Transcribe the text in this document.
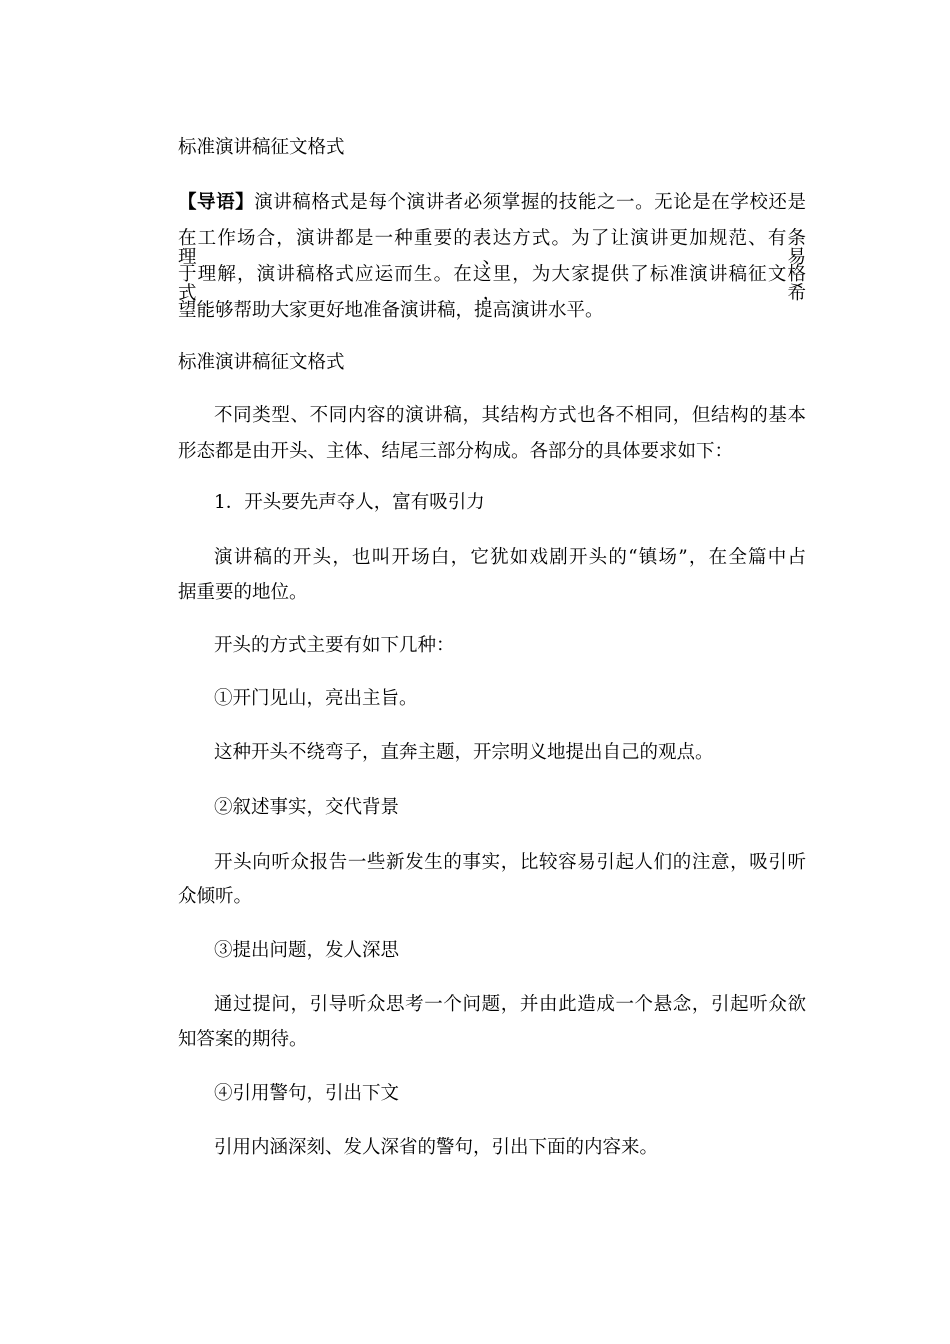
标准演讲稿征文格式
【导语】演讲稿格式是每个演讲者必须掌握的技能之一。无论是在学校还是
在工作场合，演讲都是一种重要的表达方式。为了让演讲更加规范、有条理、易
于理解，演讲稿格式应运而生。在这里，为大家提供了标准演讲稿征文格式，希
望能够帮助大家更好地准备演讲稿，提高演讲水平。
标准演讲稿征文格式
不同类型、不同内容的演讲稿，其结构方式也各不相同，但结构的基本
形态都是由开头、主体、结尾三部分构成。各部分的具体要求如下：
1．开头要先声夺人，富有吸引力
演讲稿的开头，也叫开场白，它犹如戏剧开头的“镇场”，在全篇中占
据重要的地位。
开头的方式主要有如下几种：
①开门见山，亮出主旨。
这种开头不绕弯子，直奔主题，开宗明义地提出自己的观点。
②叙述事实，交代背景
开头向听众报告一些新发生的事实，比较容易引起人们的注意，吸引听
众倾听。
③提出问题，发人深思
通过提问，引导听众思考一个问题，并由此造成一个悬念，引起听众欲
知答案的期待。
④引用警句，引出下文
引用内涵深刻、发人深省的警句，引出下面的内容来。
